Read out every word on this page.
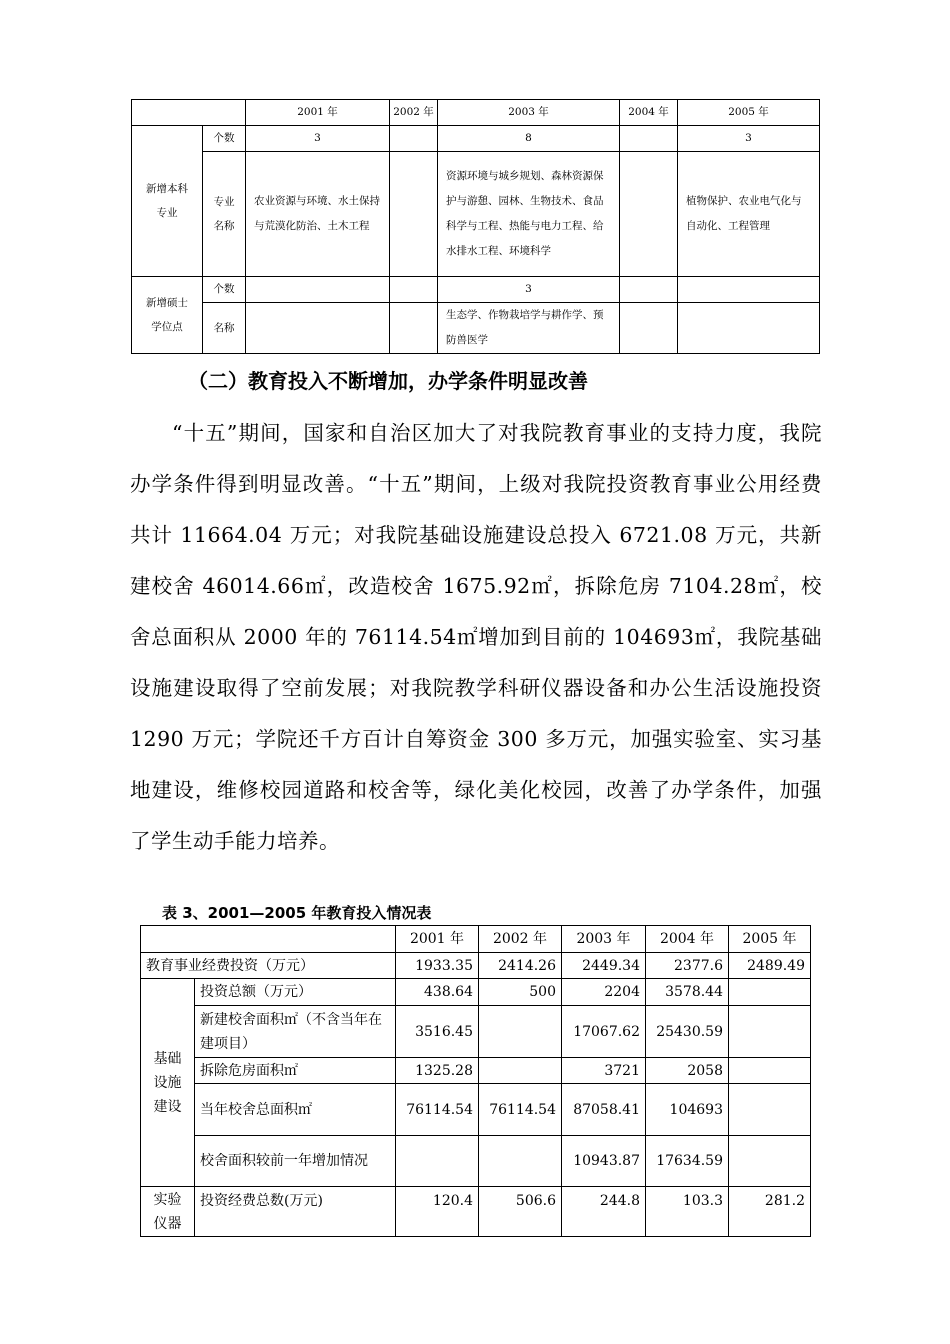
		2001 年	2002 年	2003 年	2004 年	2005 年
新增本科专业	个数	3		8		3
	专业名称	农业资源与环境、水土保持与荒漠化防治、土木工程		资源环境与城乡规划、森林资源保护与游憩、园林、生物技术、食品科学与工程、热能与电力工程、给水排水工程、环境科学		植物保护、农业电气化与自动化、工程管理
新增硕士学位点	个数			3		
	名称			生态学、作物栽培学与耕作学、预防兽医学		
（二）教育投入不断增加，办学条件明显改善

“十五”期间，国家和自治区加大了对我院教育事业的支持力度，我院办学条件得到明显改善。“十五”期间，上级对我院投资教育事业公用经费共计 11664.04 万元；对我院基础设施建设总投入 6721.08 万元，共新建校舍 46014.66㎡，改造校舍 1675.92㎡，拆除危房 7104.28㎡，校舍总面积从 2000 年的 76114.54㎡增加到目前的 104693㎡，我院基础设施建设取得了空前发展；对我院教学科研仪器设备和办公生活设施投资 1290 万元；学院还千方百计自筹资金 300 多万元，加强实验室、实习基地建设，维修校园道路和校舍等，绿化美化校园，改善了办学条件，加强了学生动手能力培养。

表 3、2001—2005 年教育投入情况表
		2001 年	2002 年	2003 年	2004 年	2005 年
教育事业经费投资（万元）		1933.35	2414.26	2449.34	2377.6	2489.49
基础设施建设	投资总额（万元）	438.64	500	2204	3578.44	
	新建校舍面积㎡（不含当年在建项目）	3516.45		17067.62	25430.59	
	拆除危房面积㎡	1325.28		3721	2058	
	当年校舍总面积㎡	76114.54	76114.54	87058.41	104693	
	校舍面积较前一年增加情况			10943.87	17634.59	
实验仪器	投资经费总数(万元)	120.4	506.6	244.8	103.3	281.2
